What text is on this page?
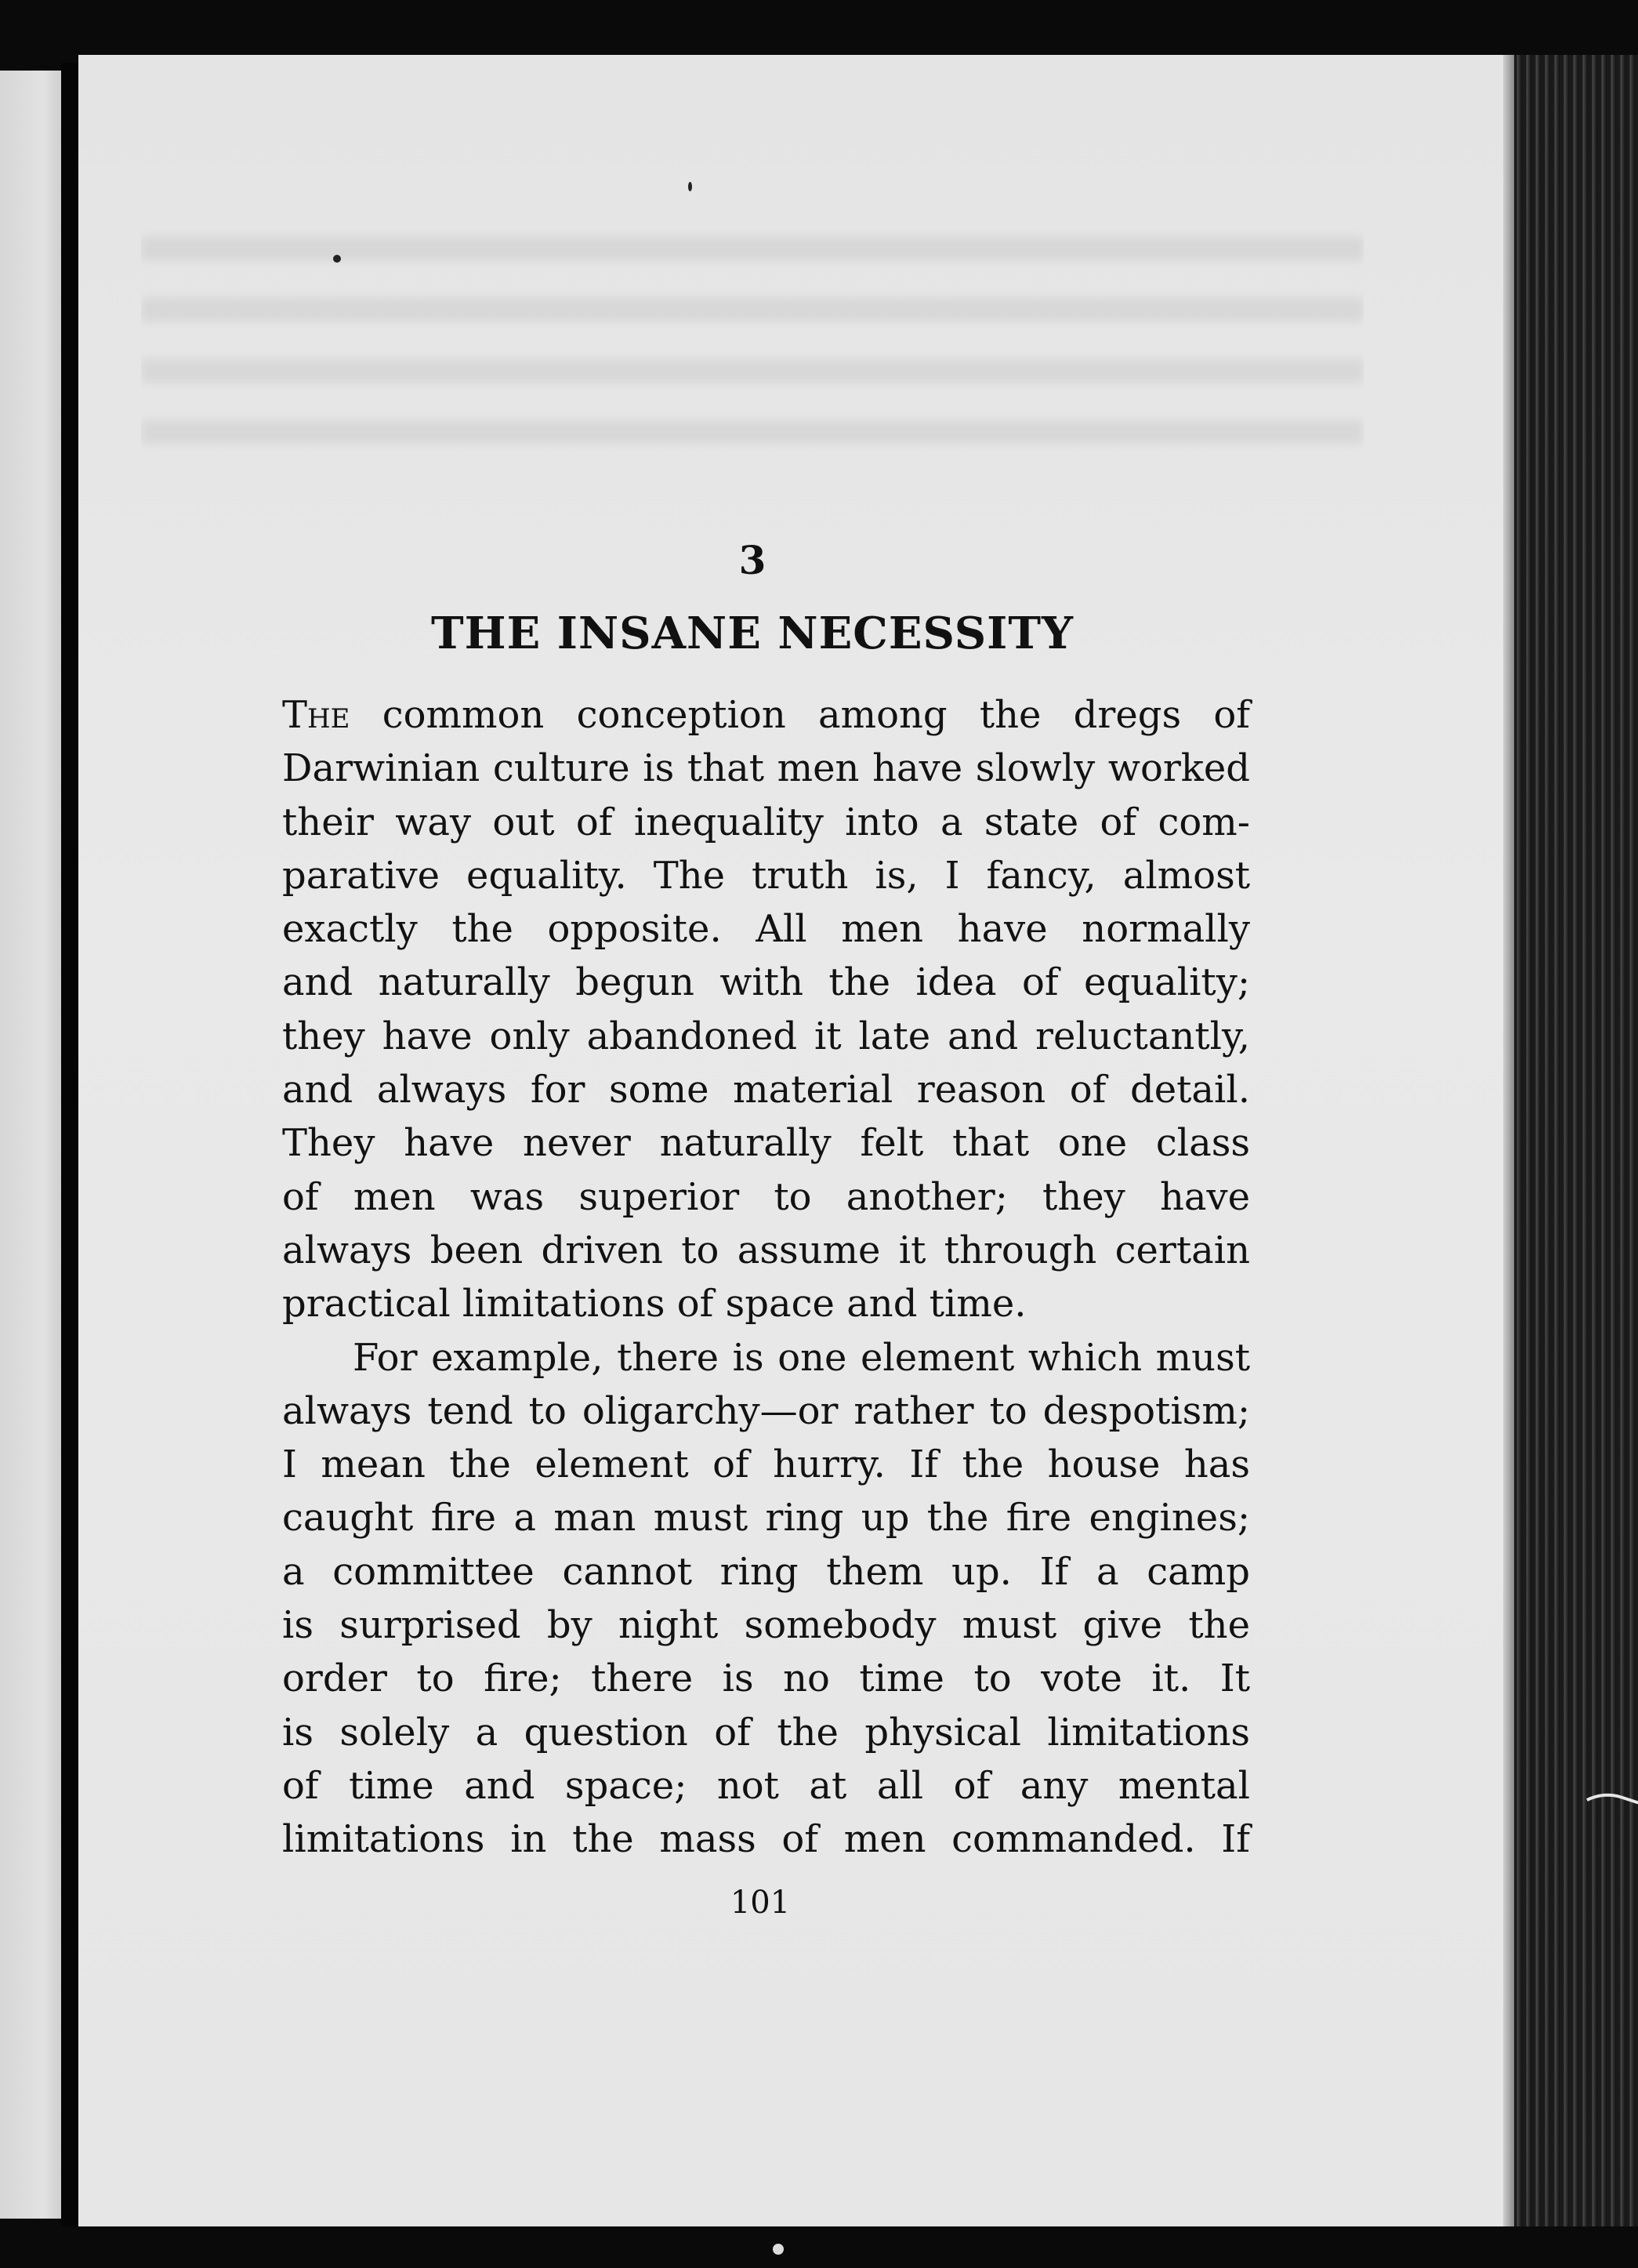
3
THE INSANE NECESSITY
The common conception among the dregs of
Darwinian culture is that men have slowly worked
their way out of inequality into a state of com-
parative equality. The truth is, I fancy, almost
exactly the opposite. All men have normally
and naturally begun with the idea of equality;
they have only abandoned it late and reluctantly,
and always for some material reason of detail.
They have never naturally felt that one class
of men was superior to another; they have
always been driven to assume it through certain
practical limitations of space and time.
For example, there is one element which must
always tend to oligarchy—or rather to despotism;
I mean the element of hurry. If the house has
caught fire a man must ring up the fire engines;
a committee cannot ring them up. If a camp
is surprised by night somebody must give the
order to fire; there is no time to vote it. It
is solely a question of the physical limitations
of time and space; not at all of any mental
limitations in the mass of men commanded. If
101
